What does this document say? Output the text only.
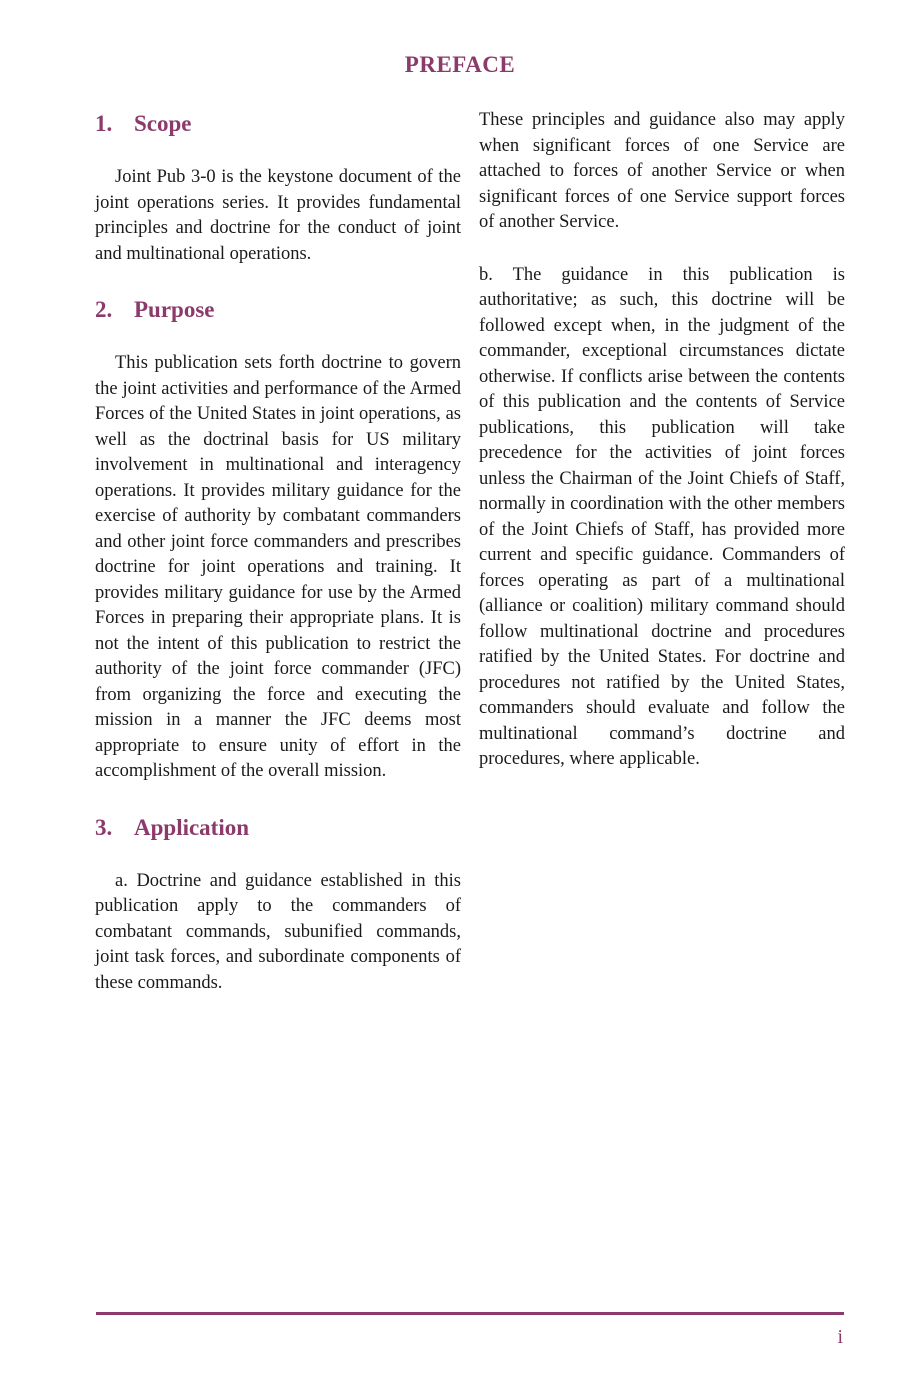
PREFACE
1. Scope

Joint Pub 3-0 is the keystone document of the joint operations series. It provides fundamental principles and doctrine for the conduct of joint and multinational operations.

2. Purpose

This publication sets forth doctrine to govern the joint activities and performance of the Armed Forces of the United States in joint operations, as well as the doctrinal basis for US military involvement in multinational and interagency operations. It provides military guidance for the exercise of authority by combatant commanders and other joint force commanders and prescribes doctrine for joint operations and training. It provides military guidance for use by the Armed Forces in preparing their appropriate plans. It is not the intent of this publication to restrict the authority of the joint force commander (JFC) from organizing the force and executing the mission in a manner the JFC deems most appropriate to ensure unity of effort in the accomplishment of the overall mission.

3. Application

a. Doctrine and guidance established in this publication apply to the commanders of combatant commands, subunified commands, joint task forces, and subordinate components of these commands.

These principles and guidance also may apply when significant forces of one Service are attached to forces of another Service or when significant forces of one Service support forces of another Service.

b. The guidance in this publication is authoritative; as such, this doctrine will be followed except when, in the judgment of the commander, exceptional circumstances dictate otherwise. If conflicts arise between the contents of this publication and the contents of Service publications, this publication will take precedence for the activities of joint forces unless the Chairman of the Joint Chiefs of Staff, normally in coordination with the other members of the Joint Chiefs of Staff, has provided more current and specific guidance. Commanders of forces operating as part of a multinational (alliance or coalition) military command should follow multinational doctrine and procedures ratified by the United States. For doctrine and procedures not ratified by the United States, commanders should evaluate and follow the multinational command’s doctrine and procedures, where applicable.

i
